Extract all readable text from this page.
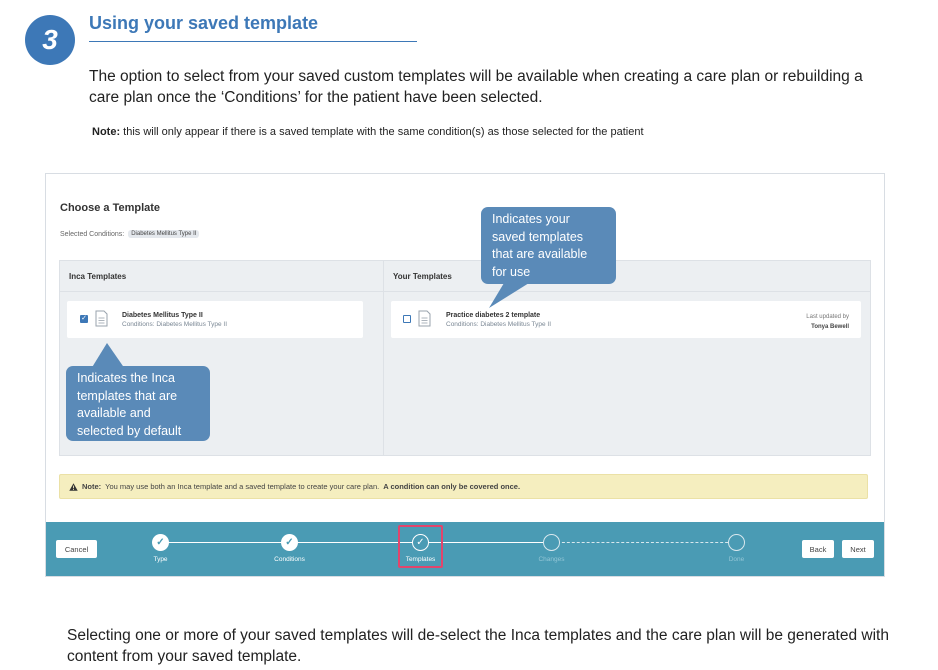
3
Using your saved template
The option to select from your saved custom templates will be available when creating a care plan or rebuilding a care plan once the ‘Conditions’ for the patient have been selected.
Note: this will only appear if there is a saved template with the same condition(s) as those selected for the patient
Choose a Template
Selected Conditions:	Diabetes Mellitus Type II
Inca Templates
✓	Diabetes Mellitus Type II
Conditions: Diabetes Mellitus Type II
Your Templates
Practice diabetes 2 template
Conditions: Diabetes Mellitus Type II
Last updated by
Tonya Bewell
Note: You may use both an Inca template and a saved template to create your care plan. A condition can only be covered once.
Cancel
✓
Type
✓
Conditions
✓
Templates	Changes	Done
Back	Next
Indicates the Inca templates that are available and selected by default
Indicates your saved templates that are available for use
Selecting one or more of your saved templates will de-select the Inca templates and the care plan will be generated with content from your saved template.
